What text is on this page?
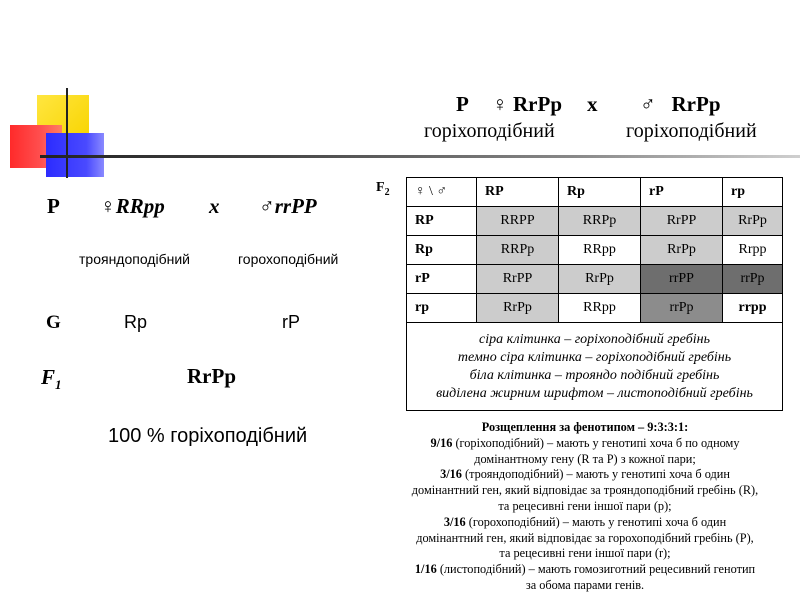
P ♀ RrPp x ♂   RrPp
горіхоподібний	горіхоподібний
P ♀RRpp x ♂rrPP
трояндоподібний	горохоподібний
G	Rp	rP
$F_1$	RrPp
100 % горіхоподібний
$F_2$ ♀ \ ♂	RP	Rp	rP	rp
RP	RRPP	RRPp	RrPP	RrPp
Rp	RRPp	RRpp	RrPp	Rrpp
rP	RrPP	RrPp	rrPP	rrPp
rp	RrPp	RRpp	rrPp	rrpp

сіра клітинка – горіхоподібний гребінь
темно сіра клітинка – горіхоподібний гребінь
біла клітинка – трояндо подібний гребінь
виділена жирним шрифтом – листоподібний гребінь				
Розщеплення за фенотипом – 9:3:3:1:
9/16 (горіхоподібний) – мають у генотипі хоча б по одному
домінантному гену (R та P) з кожної пари;
3/16 (трояндоподібний) – мають у генотипі хоча б один
домінантний ген, який відповідає за трояндоподібний гребінь (R),
та рецесивні гени іншої пари (p);
3/16 (горохоподібний) – мають у генотипі хоча б один
домінантний ген, який відповідає за горохоподібний гребінь (P),
та рецесивні гени іншої пари (r);
1/16 (листоподібний) – мають гомозиготний рецесивний генотип
за обома парами генів.
